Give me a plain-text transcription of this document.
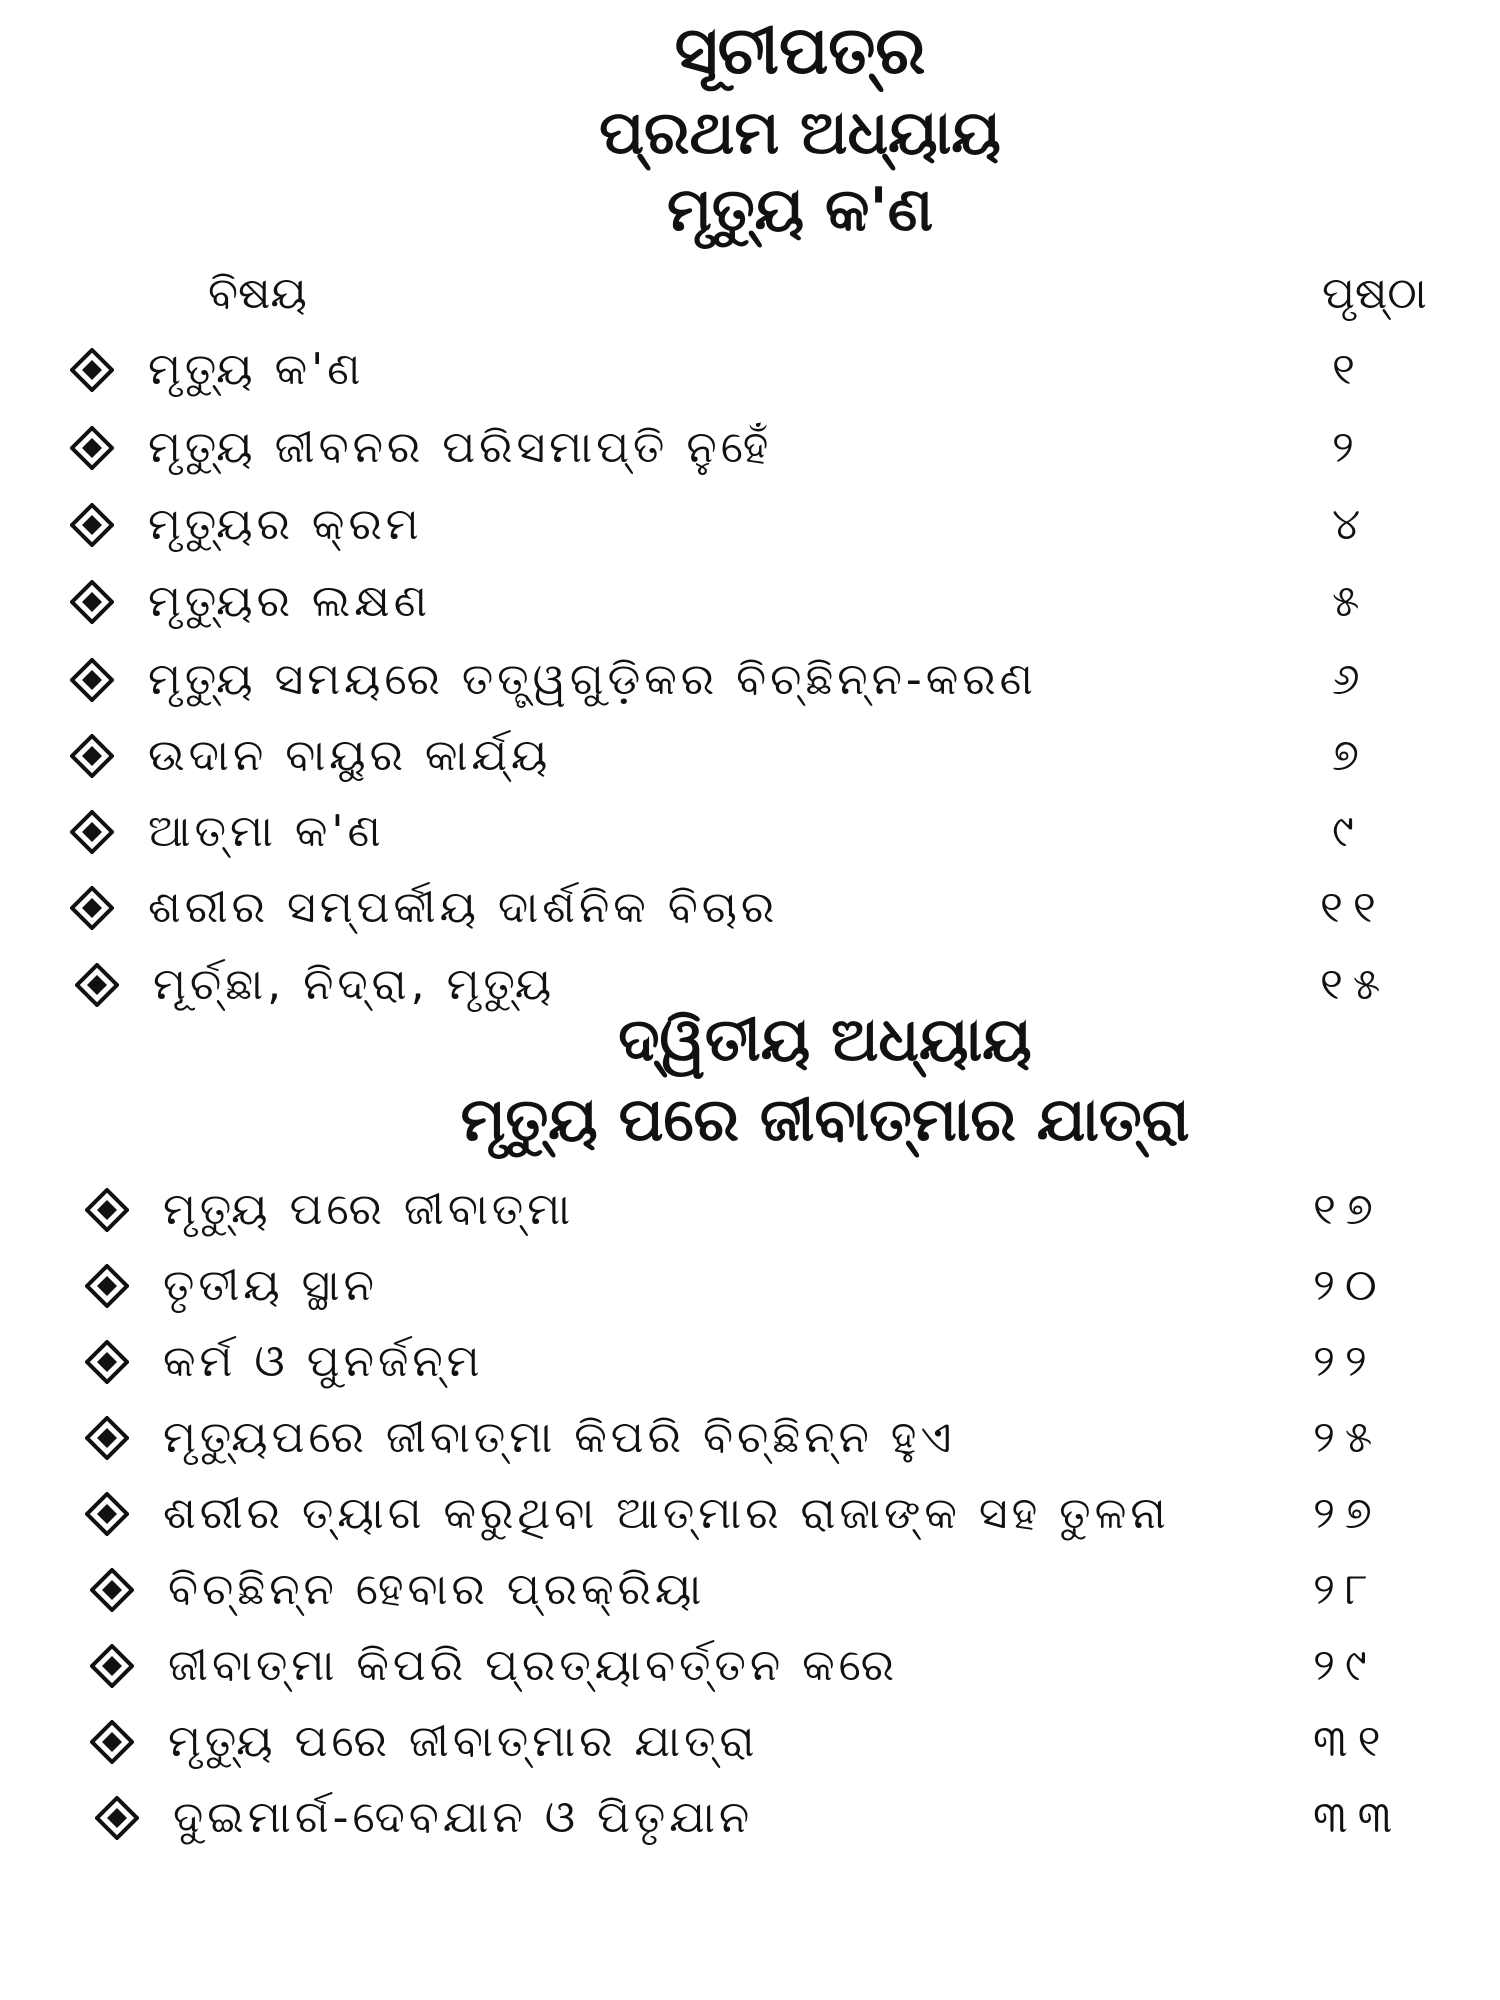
ସୂଚୀପତ୍ର
ପ୍ରଥମ ଅଧ୍ୟାୟ
ମୃତ୍ୟୁ କ'ଣ
ବିଷୟ	ପୃଷ୍ଠା
ମୃତ୍ୟୁ କ'ଣ	୧
ମୃତ୍ୟୁ ଜୀବନର ପରିସମାପ୍ତି ନୁହେଁ	୨
ମୃତ୍ୟୁର କ୍ରମ	୪
ମୃତ୍ୟୁର ଲକ୍ଷଣ	୫
ମୃତ୍ୟୁ ସମୟରେ ତତ୍ତ୍ୱଗୁଡ଼ିକର ବିଚ୍ଛିନ୍ନ-କରଣ	୬
ଉଦାନ ବାୟୁର କାର୍ଯ୍ୟ	୭
ଆତ୍ମା କ'ଣ	୯
ଶରୀର ସମ୍ପର୍କୀୟ ଦାର୍ଶନିକ ବିଚାର	୧୧
ମୂର୍ଚ୍ଛା, ନିଦ୍ରା, ମୃତ୍ୟୁ	୧୫
ଦ୍ୱିତୀୟ ଅଧ୍ୟାୟ
ମୃତ୍ୟୁ ପରେ ଜୀବାତ୍ମାର ଯାତ୍ରା
ମୃତ୍ୟୁ ପରେ ଜୀବାତ୍ମା	୧୭
ତୃତୀୟ ସ୍ଥାନ	୨୦
କର୍ମ ଓ ପୁନର୍ଜନ୍ମ	୨୨
ମୃତ୍ୟୁପରେ ଜୀବାତ୍ମା କିପରି ବିଚ୍ଛିନ୍ନ ହୁଏ	୨୫
ଶରୀର ତ୍ୟାଗ କରୁଥିବା ଆତ୍ମାର ରାଜାଙ୍କ ସହ ତୁଳନା	୨୭
ବିଚ୍ଛିନ୍ନ ହେବାର ପ୍ରକ୍ରିୟା	୨୮
ଜୀବାତ୍ମା କିପରି ପ୍ରତ୍ୟାବର୍ତ୍ତନ କରେ	୨୯
ମୃତ୍ୟୁ ପରେ ଜୀବାତ୍ମାର ଯାତ୍ରା	୩୧
ଦୁଇମାର୍ଗ-ଦେବଯାନ ଓ ପିତୃଯାନ	୩୩
